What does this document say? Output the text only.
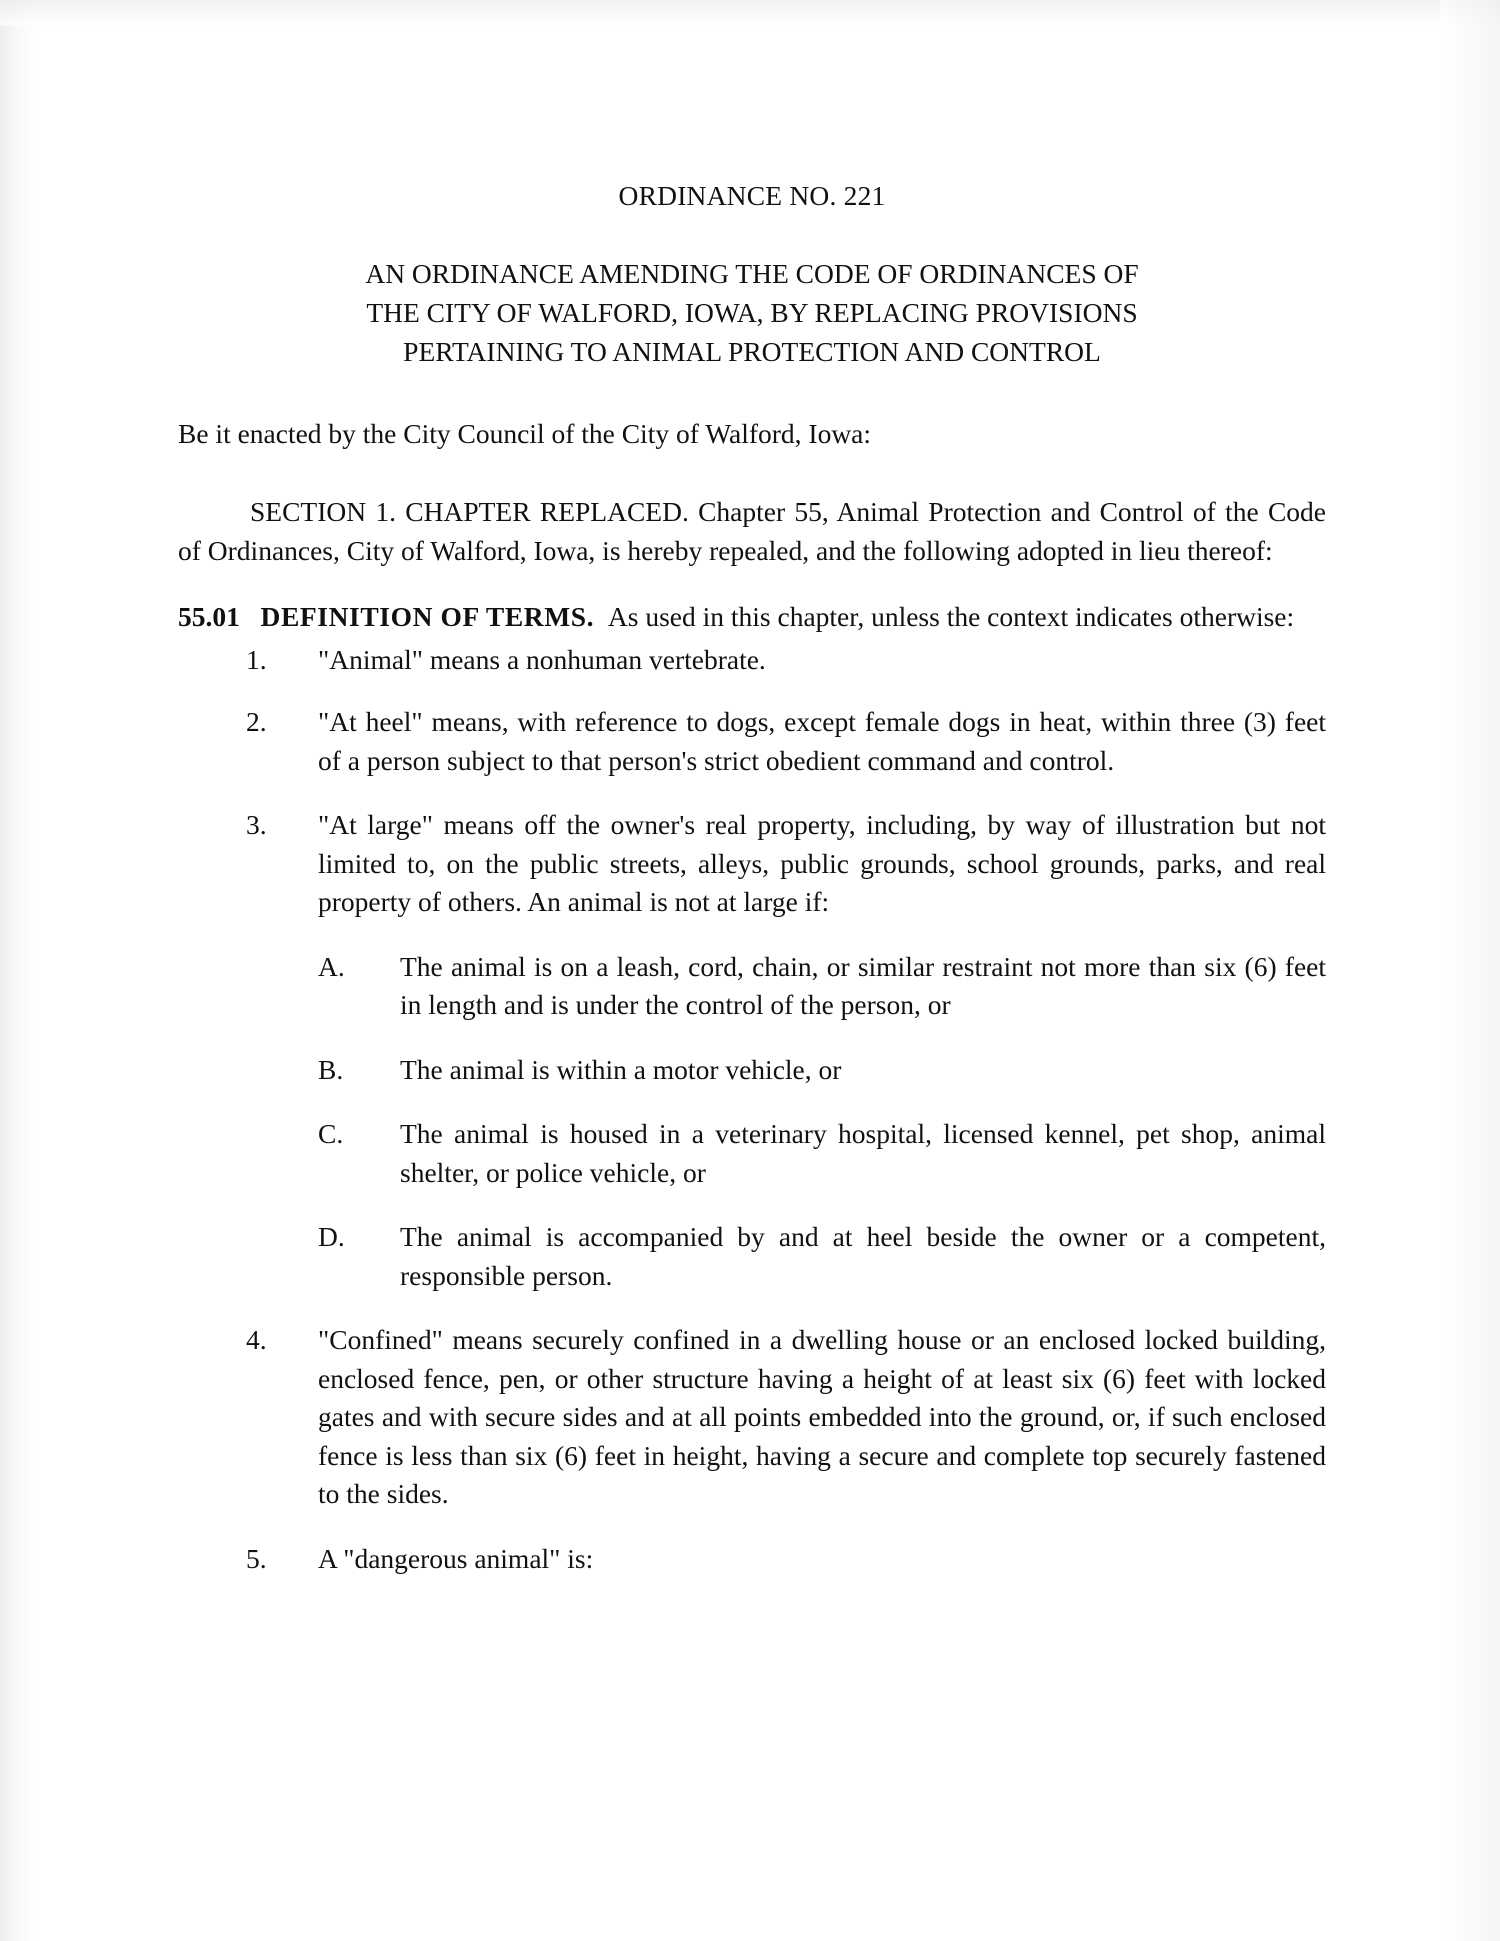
ORDINANCE NO. 221
AN ORDINANCE AMENDING THE CODE OF ORDINANCES OF
THE CITY OF WALFORD, IOWA, BY REPLACING PROVISIONS
PERTAINING TO ANIMAL PROTECTION AND CONTROL
Be it enacted by the City Council of the City of Walford, Iowa:
SECTION 1. CHAPTER REPLACED. Chapter 55, Animal Protection and Control of the Code of Ordinances, City of Walford, Iowa, is hereby repealed, and the following adopted in lieu thereof:
55.01 DEFINITION OF TERMS. As used in this chapter, unless the context indicates otherwise:
1.	"Animal" means a nonhuman vertebrate.
2.	"At heel" means, with reference to dogs, except female dogs in heat, within three (3) feet of a person subject to that person's strict obedient command and control.
3.	"At large" means off the owner's real property, including, by way of illustration but not limited to, on the public streets, alleys, public grounds, school grounds, parks, and real property of others. An animal is not at large if:
A.	The animal is on a leash, cord, chain, or similar restraint not more than six (6) feet in length and is under the control of the person, or
B.	The animal is within a motor vehicle, or
C.	The animal is housed in a veterinary hospital, licensed kennel, pet shop, animal shelter, or police vehicle, or
D.	The animal is accompanied by and at heel beside the owner or a competent, responsible person.
4.	"Confined" means securely confined in a dwelling house or an enclosed locked building, enclosed fence, pen, or other structure having a height of at least six (6) feet with locked gates and with secure sides and at all points embedded into the ground, or, if such enclosed fence is less than six (6) feet in height, having a secure and complete top securely fastened to the sides.
5.	A "dangerous animal" is:
